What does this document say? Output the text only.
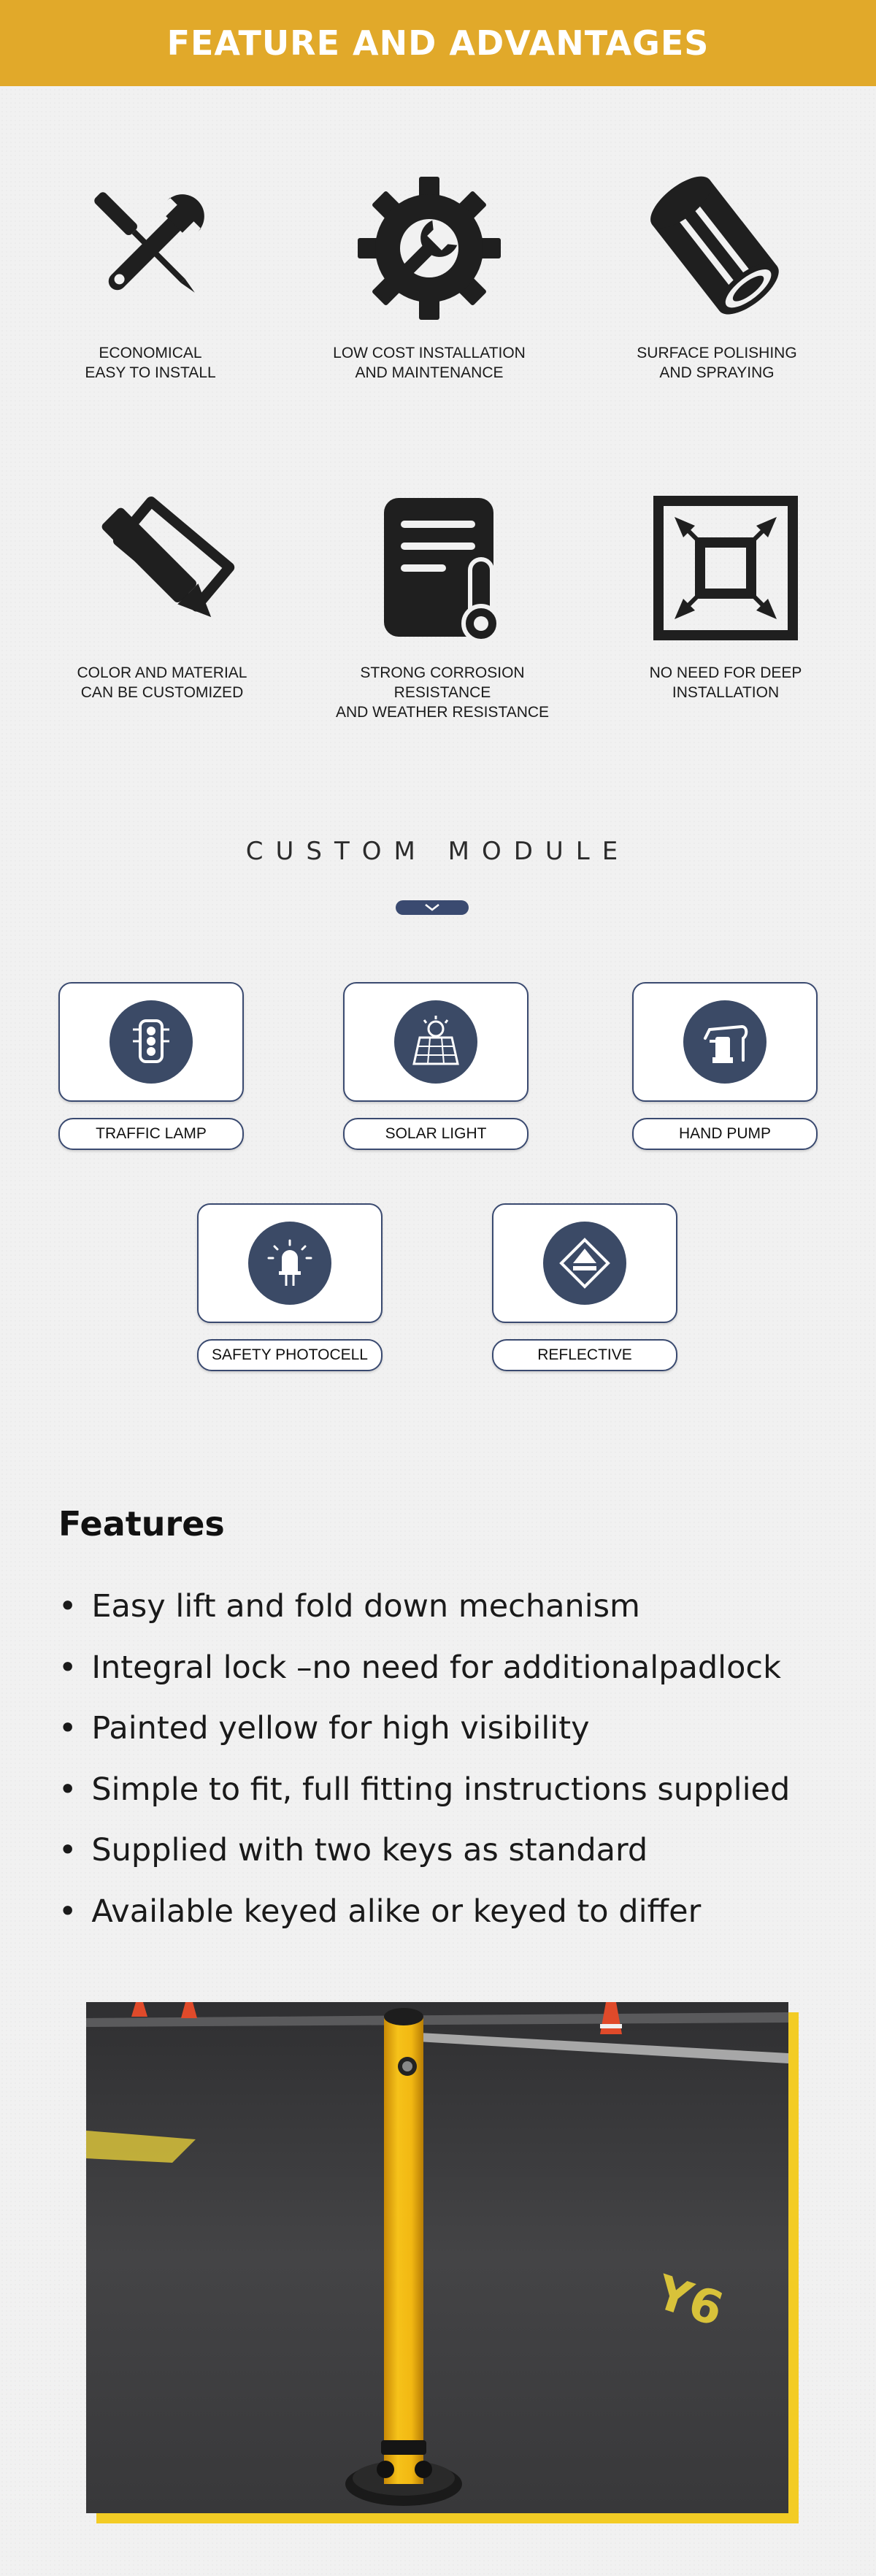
FEATURE AND ADVANTAGES
ECONOMICAL
EASY TO INSTALL
LOW COST INSTALLATION
AND MAINTENANCE
SURFACE POLISHING
AND SPRAYING
COLOR AND MATERIAL
CAN BE CUSTOMIZED
STRONG CORROSION RESISTANCE
AND WEATHER RESISTANCE
NO NEED FOR DEEP
INSTALLATION
CUSTOM MODULE
TRAFFIC LAMP	SOLAR LIGHT	HAND PUMP
SAFETY PHOTOCELL	REFLECTIVE
Features
• Easy lift and fold down mechanism
• Integral lock –no need for additionalpadlock
• Painted yellow for high visibility
• Simple to fit, full fitting instructions supplied
• Supplied with two keys as standard
• Available keyed alike or keyed to differ
Y6
